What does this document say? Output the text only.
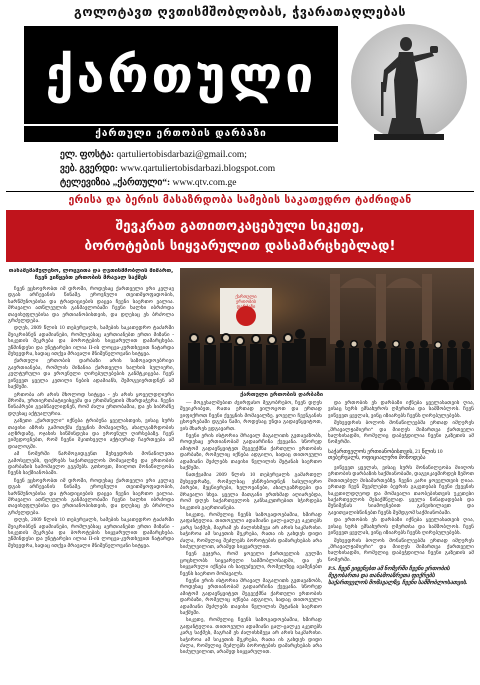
გოლოტავთ ღვთისმშობლობას, ჭვარათაღლებას
ქართული
ქართული ერთობის დარბაზი
ელ. ფოსტა: qartuliertobisdarbazi@gmail.com;
ვებ. გვერდი: www.qartuliertobisdarbazi.blogspot.com
ტელევიზია „ქართული“: www.qtv.com.ge
ერისა და ბერის მასაზრდობა სამების საკათედრო ტაძრიდან
შევკრათ გათითოკაცებული სიკეთე,
ბოროტების სიყვარულით დასამარცხებლად!
თანამემამულენო, ლოცვითა და ღვთისმშობლის მიმართ, ჩვენ ვიწყებთ ერთობის მრავალ საქმეს

ჩვენ ვცხოვრობთ იმ დროში, როდესაც ქართველი ერი კვლავ დგას არჩევანის წინაშე. ეროვნული თვითმყოფადობის, სარწმუნოებისა და ტრადიციების დაცვა ჩვენი საერთო ვალია. მრავალი ათწლეულის განმავლობაში ჩვენი ხალხი იბრძოდა თავისუფლებისა და ერთიანობისთვის, და დღესაც ეს ბრძოლა გრძელდება.

დღეს, 2009 წლის 10 თებერვალს, სამების საკათედრო ტაძარში შეიკრიბნენ ადამიანები, რომლებსაც აერთიანებთ ერთი მიზანი - სიკეთის შეკრება და ბოროტების სიყვარულით დამარცხება. უწმინდესი და უნეტარესი ილია II-ის ლოცვა-კურთხევით ჩატარდა შეხვედრა, სადაც ითქვა მრავალი მნიშვნელოვანი სიტყვა.

ქართული ერთობის დარბაზი არის საზოგადოებრივი გაერთიანება, რომლის მიზანია ქართველი ხალხის სულიერი, კულტურული და ეროვნული ღირებულებების განმტკიცება. ჩვენ ვიწვევთ ყველა კეთილი ნების ადამიანს, შემოგვიერთდნენ ამ საქმეში.

ერთობა არ არის მხოლოდ სიტყვა - ეს არის ყოველდღიური შრომა, ურთიერთპატივისცემა და ერთმანეთის მხარდაჭერა. ჩვენი წინაპრები გვასწავლიდნენ, რომ ძალა ერთობაშია, და ეს სიბრძნე დღესაც აქტუალურია.

გაზეთი „ქართული“ იქნება ტრიბუნა ყველასთვის, ვისაც სურს თავისი აზრის გამოთქმა ქვეყნის მომავალზე, ახალგაზრდობის აღზრდაზე, ოჯახის სიწმინდესა და ეროვნულ ღირსებაზე. ჩვენ ვიმედოვნებთ, რომ ჩვენი მკითხველი აქტიურად ჩაერთვება ამ დიალოგში.

ამ ნომერში წარმოგიდგენთ შეხვედრის მონაწილეთა გამოსვლებს, ფიქრებს საქართველოს მომავალზე და ერთობის დარბაზის სამომავლო გეგმებს. გთხოვთ, მიიღოთ მონაწილეობა ჩვენს საქმიანობაში.

ჩვენ ვცხოვრობთ იმ დროში, როდესაც ქართველი ერი კვლავ დგას არჩევანის წინაშე. ეროვნული თვითმყოფადობის, სარწმუნოებისა და ტრადიციების დაცვა ჩვენი საერთო ვალია. მრავალი ათწლეულის განმავლობაში ჩვენი ხალხი იბრძოდა თავისუფლებისა და ერთიანობისთვის, და დღესაც ეს ბრძოლა გრძელდება.

დღეს, 2009 წლის 10 თებერვალს, სამების საკათედრო ტაძარში შეიკრიბნენ ადამიანები, რომლებსაც აერთიანებთ ერთი მიზანი - სიკეთის შეკრება და ბოროტების სიყვარულით დამარცხება. უწმინდესი და უნეტარესი ილია II-ის ლოცვა-კურთხევით ჩატარდა შეხვედრა, სადაც ითქვა მრავალი მნიშვნელოვანი სიტყვა.

ქართული
ერთობის
დარბაზი
ქართული ერთობის დარბაზი

— მოგესალმებით ძვირფასო მეგობრებო, ჩვენ დღეს შევიკრიბეთ, რათა ერთად ვილოცოთ და ერთად ვიფიქროთ ჩვენი ქვეყნის მომავალზე. ყოველი ჩვენგანის ცხოვრებაში დგება წამი, როდესაც უნდა გადავწყვიტოთ, ვის მხარეს ვდგავართ.

ჩვენი ერის ისტორია მრავალ მაგალითს გვთავაზობს, როდესაც ერთიანობამ გადაარჩინა ქვეყანა. სწორედ ამიტომ გადავწყვიტეთ შეგვექმნა ქართული ერთობის დარბაზი, რომელიც იქნება ადგილი, სადაც თითოეული ადამიანი შეძლებს თავისი წვლილის შეტანას საერთო საქმეში.

ნათქვამია 2009 წლის 10 თებერვალს გამართულ შეხვედრაზე, რომელსაც ესწრებოდნენ სასულიერო პირები, მეცნიერები, ხელოვანები, ახალგაზრდები და მრავალი სხვა. ყველა მათგანი ერთხმად აღიარებდა, რომ დღეს საქართველოს განსაკუთრებით სჭირდება სიკეთის გაერთიანება.

სიკეთე, რომელიც ჩვენს საზოგადოებაშია, ხშირად გაფანტულია. თითოეული ადამიანი ცალ-ცალკე აკეთებს კარგ საქმეს, მაგრამ ეს ძალისხმევა არ არის საკმარისი. საჭიროა ამ სიკეთის შეკრება, რათა ის გახდეს დიდი ძალა, რომელიც შეძლებს ბოროტების დამარცხებას არა სიძულვილით, არამედ სიყვარულით.

ჩვენ გვჯერა, რომ ყოველი ქართველის გულში ცოცხლობს სიყვარული სამშობლოსადმი, და ეს სიყვარული იქნება ის საფუძველი, რომელზეც ავაშენებთ ჩვენს საერთო მომავალს.

ჩვენი ერის ისტორია მრავალ მაგალითს გვთავაზობს, როდესაც ერთიანობამ გადაარჩინა ქვეყანა. სწორედ ამიტომ გადავწყვიტეთ შეგვექმნა ქართული ერთობის დარბაზი, რომელიც იქნება ადგილი, სადაც თითოეული ადამიანი შეძლებს თავისი წვლილის შეტანას საერთო საქმეში.

სიკეთე, რომელიც ჩვენს საზოგადოებაშია, ხშირად გაფანტულია. თითოეული ადამიანი ცალ-ცალკე აკეთებს კარგ საქმეს, მაგრამ ეს ძალისხმევა არ არის საკმარისი. საჭიროა ამ სიკეთის შეკრება, რათა ის გახდეს დიდი ძალა, რომელიც შეძლებს ბოროტების დამარცხებას არა სიძულვილით, არამედ სიყვარულით.

და ერთობის ეს დარბაზი იქნება ყველასათვის ღია, ვისაც სურს ემსახუროს ღმერთსა და სამშობლოს. ჩვენ ვიწვევთ ყველას, ვინც იზიარებს ჩვენს ღირებულებებს.

შეხვედრის ბოლოს მონაწილეებმა ერთად იმღერეს „მრავალჟამიერი“ და მიიღეს მიმართვა ქართველი ხალხისადმი, რომელიც დაბეჭდილია ჩვენი გაზეთის ამ ნომერში.

საქართველოს ერთიანობისთვის, 21 წლის 10 თებერვალს, ოფიციალური მოწოდება

ვიწვევთ ყველას, ვისაც სურს მონაწილეობა მიიღოს ერთობის დარბაზის საქმიანობაში, დაგვიკავშირდეს ზემოთ მითითებულ მისამართებზე. ჩვენი კარი ყოველთვის ღიაა. ერთად ჩვენ შევძლებთ ბევრის გაკეთებას ჩვენი ქვეყნის საკეთილდღეოდ და მომავალი თაობებისთვის უკეთესი საქართველოს შესაქმნელად. ყველა წინადადებას და შენიშვნას სიამოვნებით განვიხილავთ და გავითვალისწინებთ ჩვენს შემდგომ საქმიანობაში.

და ერთობის ეს დარბაზი იქნება ყველასათვის ღია, ვისაც სურს ემსახუროს ღმერთსა და სამშობლოს. ჩვენ ვიწვევთ ყველას, ვინც იზიარებს ჩვენს ღირებულებებს.

შეხვედრის ბოლოს მონაწილეებმა ერთად იმღერეს „მრავალჟამიერი“ და მიიღეს მიმართვა ქართველი ხალხისადმი, რომელიც დაბეჭდილია ჩვენი გაზეთის ამ ნომერში.

P.S. ჩვენ ვიყენებთ ამ ნომერში ჩვენი ერთობის მეგობართა და თანამოაზრეთა ფიქრებს საქართველოს მომავალზე, ჩვენი სამშობლოსათვის.
